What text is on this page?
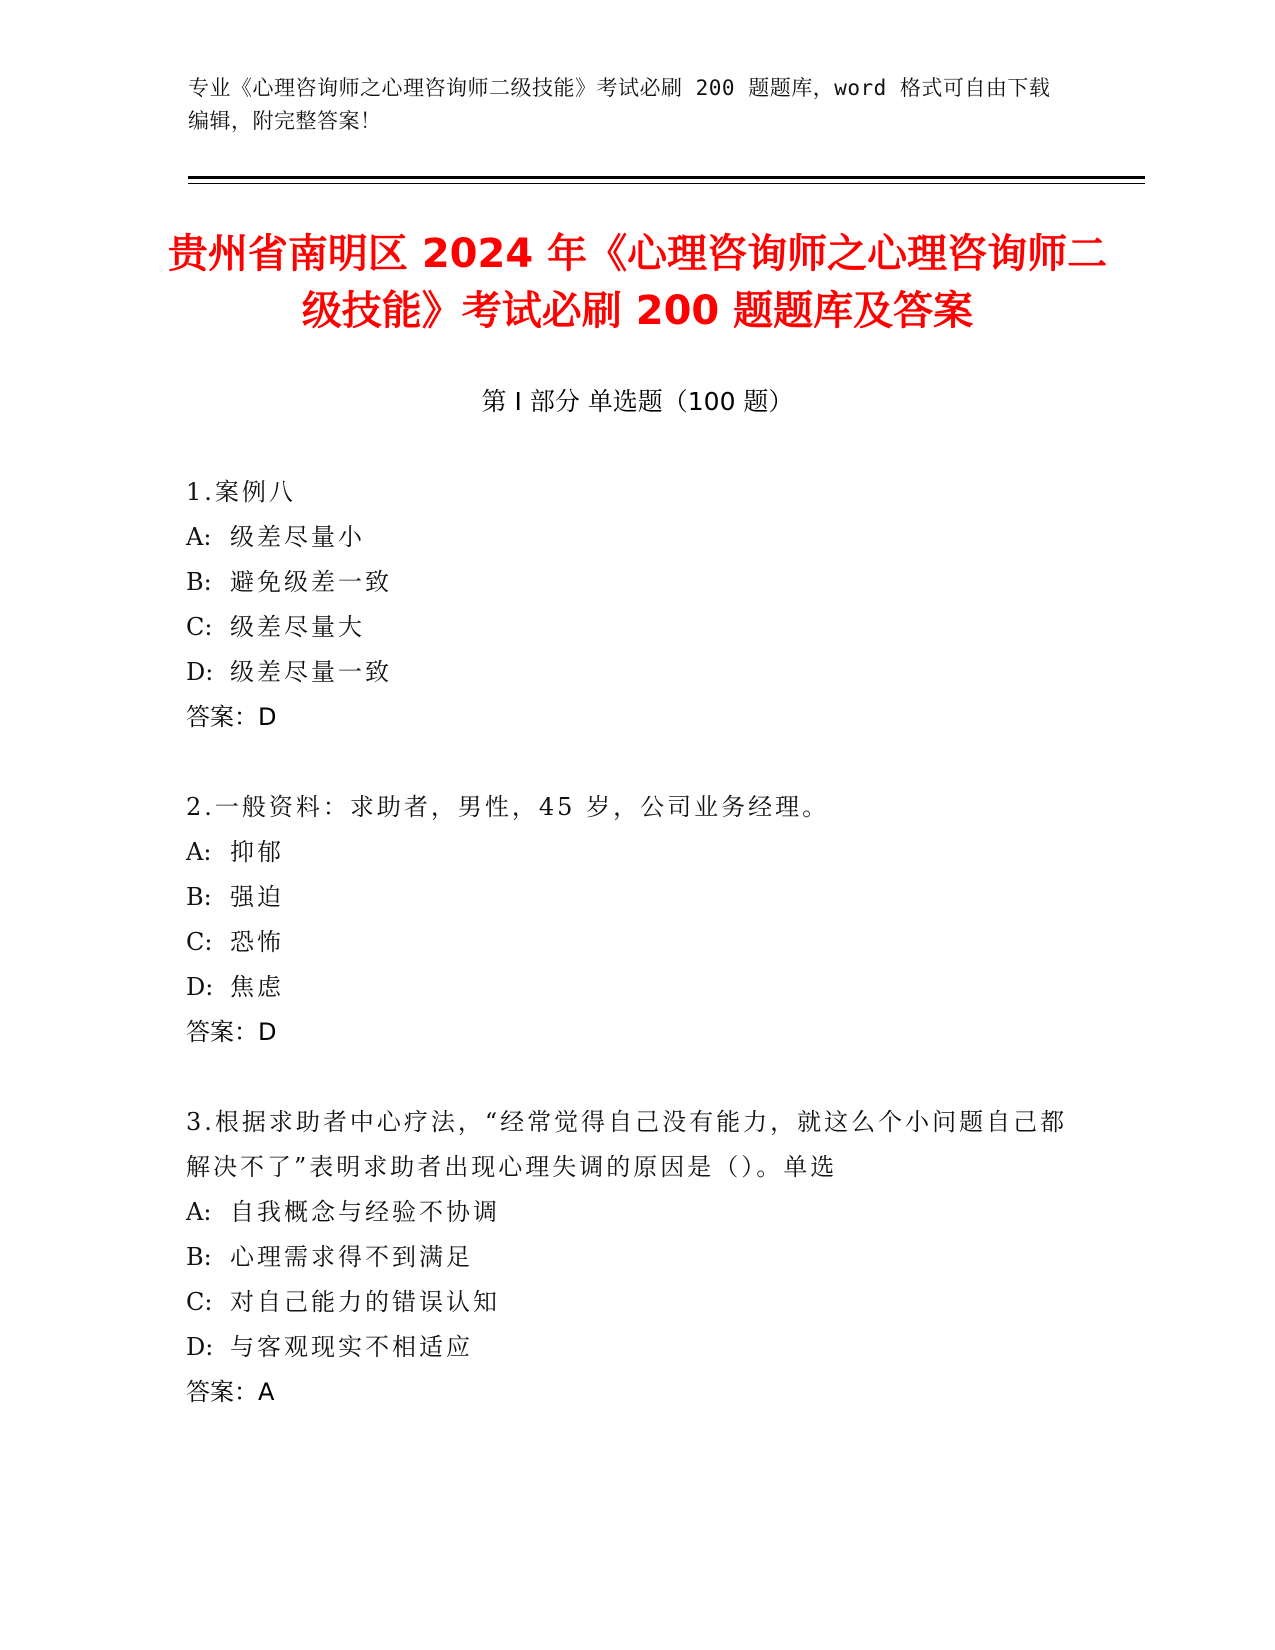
专业《心理咨询师之心理咨询师二级技能》考试必刷 200 题题库，word 格式可自由下载编辑，附完整答案！
贵州省南明区 2024 年《心理咨询师之心理咨询师二级技能》考试必刷 200 题题库及答案
第 I 部分 单选题（100 题）
1.案例八
A: 级差尽量小
B: 避免级差一致
C: 级差尽量大
D: 级差尽量一致
答案：D
2.一般资料：求助者，男性，45 岁，公司业务经理。
A: 抑郁
B: 强迫
C: 恐怖
D: 焦虑
答案：D
3.根据求助者中心疗法，“经常觉得自己没有能力，就这么个小问题自己都解决不了”表明求助者出现心理失调的原因是（）。单选
A: 自我概念与经验不协调
B: 心理需求得不到满足
C: 对自己能力的错误认知
D: 与客观现实不相适应
答案：A
